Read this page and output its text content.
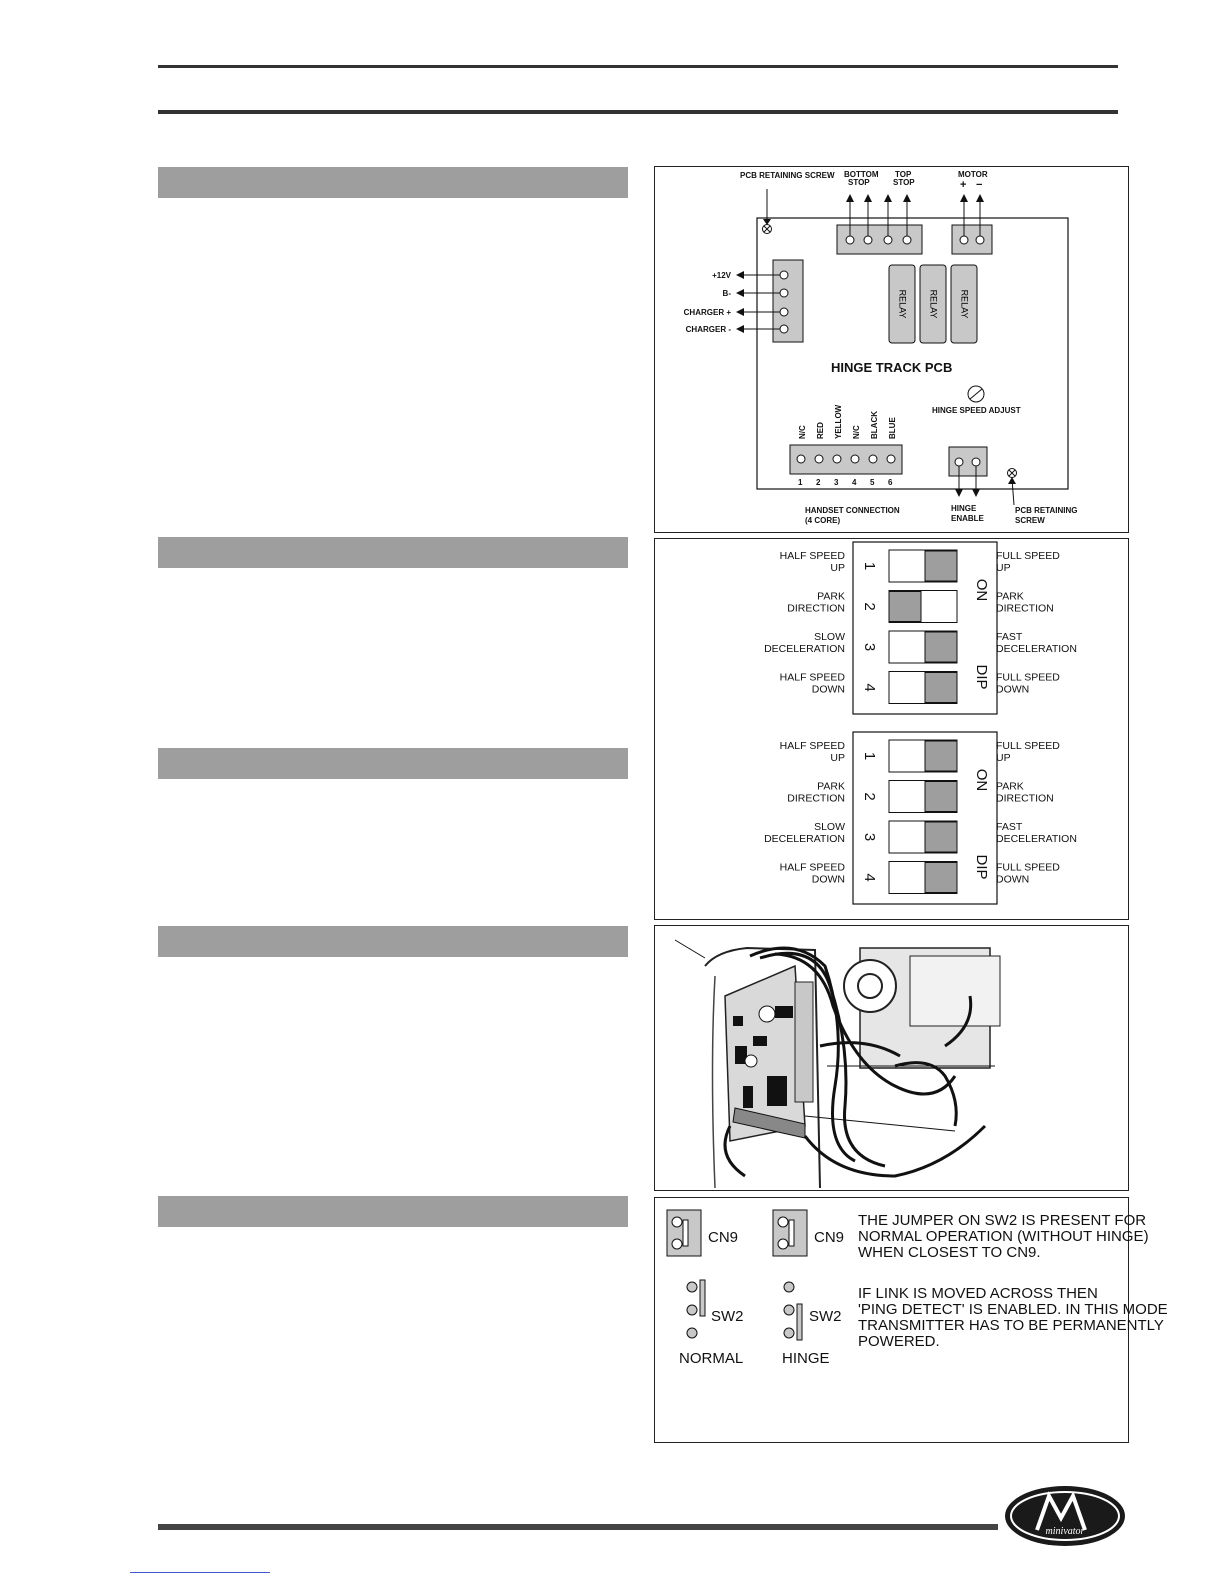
PCB RETAINING SCREW BOTTOM
STOP
TOP
STOP
MOTOR
+ −
+12V
B-
CHARGER +
CHARGER -
RELAY RELAY RELAY
HINGE TRACK PCB
HINGE SPEED ADJUST
N/C RED YELLOW N/C BLACK BLUE
1 2 3 4 5 6
HANDSET CONNECTION
(4 CORE)
HINGE
ENABLE
PCB RETAINING
SCREW
ON
DIP
1
HALF SPEED
UP
FULL SPEED
UP
2
PARK
DIRECTION
PARK
DIRECTION
3
SLOW
DECELERATION
FAST
DECELERATION
4
HALF SPEED
DOWN
FULL SPEED
DOWN
ON
DIP
1
HALF SPEED
UP
FULL SPEED
UP
2
PARK
DIRECTION
PARK
DIRECTION
3
SLOW
DECELERATION
FAST
DECELERATION
4
HALF SPEED
DOWN
FULL SPEED
DOWN
CN9	CN9
SW2
NORMAL
SW2
HINGE
THE JUMPER ON SW2 IS PRESENT FOR
NORMAL OPERATION (WITHOUT HINGE)
WHEN CLOSEST TO CN9.
IF LINK IS MOVED ACROSS THEN
'PING DETECT' IS ENABLED. IN THIS MODE
TRANSMITTER HAS TO BE PERMANENTLY
POWERED.
minivator
